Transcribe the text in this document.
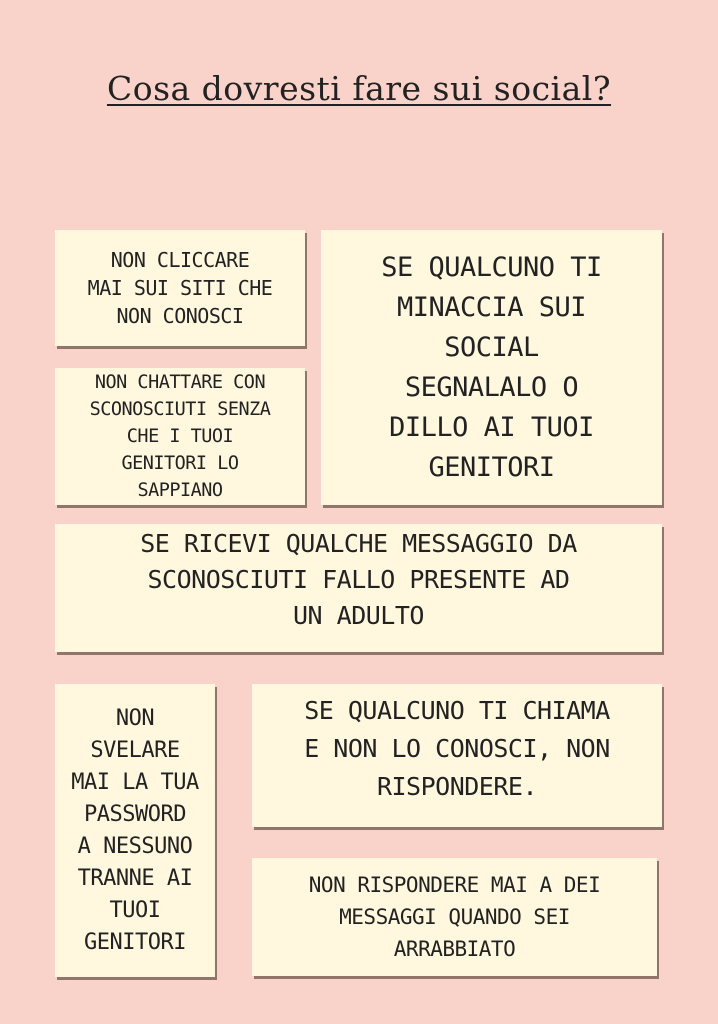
Cosa dovresti fare sui social?
NON CLICCARE
MAI SUI SITI CHE
NON CONOSCI
NON CHATTARE CON
SCONOSCIUTI SENZA
CHE I TUOI
GENITORI LO
SAPPIANO
SE QUALCUNO TI
MINACCIA SUI
SOCIAL
SEGNALALO O
DILLO AI TUOI
GENITORI
SE RICEVI QUALCHE MESSAGGIO DA
SCONOSCIUTI FALLO PRESENTE AD
UN ADULTO
NON
SVELARE
MAI LA TUA
PASSWORD
A NESSUNO
TRANNE AI
TUOI
GENITORI
SE QUALCUNO TI CHIAMA
E NON LO CONOSCI, NON
RISPONDERE.
NON RISPONDERE MAI A DEI
MESSAGGI QUANDO SEI
ARRABBIATO
